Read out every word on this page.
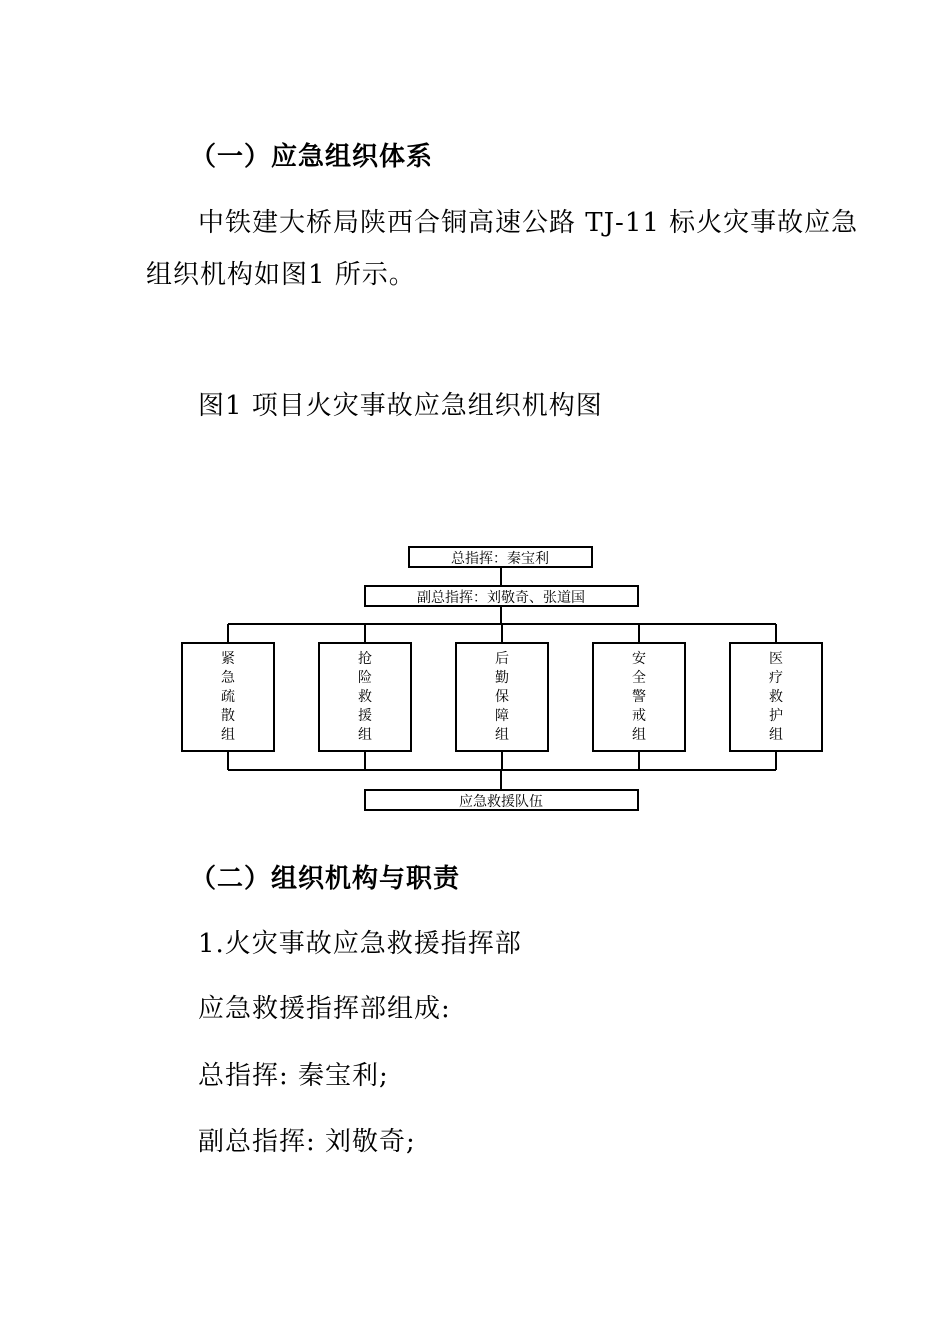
（一）应急组织体系
中铁建大桥局陕西合铜高速公路 TJ-11 标火灾事故应急
组织机构如图1 所示。
图1 项目火灾事故应急组织机构图
总指挥：秦宝利
副总指挥：刘敬奇、张道国
紧急疏散组
抢险救援组
后勤保障组
安全警戒组
医疗救护组
应急救援队伍
（二）组织机构与职责
1.火灾事故应急救援指挥部
应急救援指挥部组成:
总指挥: 秦宝利;
副总指挥: 刘敬奇;
